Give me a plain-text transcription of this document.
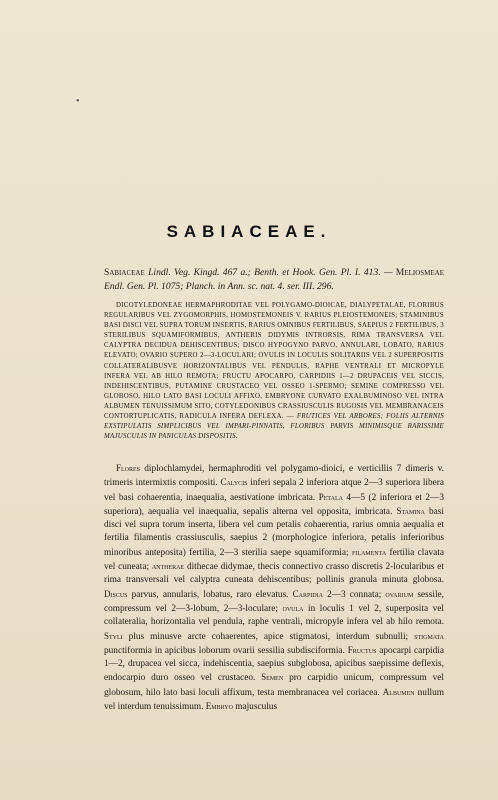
•
SABIACEAE.
Sabiaceae Lindl. Veg. Kingd. 467 a.; Benth. et Hook. Gen. Pl. I. 413. — Meliosmeae Endl. Gen. Pl. 1075; Planch. in Ann. sc. nat. 4. ser. III. 296.
DICOTYLEDONEAE HERMAPHRODITAE VEL POLYGAMO-DIOICAE, DIALYPETALAE, FLORIBUS REGULARIBUS VEL ZYGOMORPHIS, HOMOSTEMONEIS V. RARIUS PLEIOSTEMONEIS; STAMINIBUS BASI DISCI VEL SUPRA TORUM INSERTIS, RARIUS OMNIBUS FERTILIBUS, SAEPIUS 2 FERTILIBUS, 3 STERILIBUS SQUAMIFORMIBUS, ANTHERIS DIDYMIS INTRORSIS, RIMA TRANSVERSA VEL CALYPTRA DECIDUA DEHISCENTIBUS; DISCO HYPOGYNO PARVO, ANNULARI, LOBATO, RARIUS ELEVATO; OVARIO SUPERO 2—3-LOCULARI; OVULIS IN LOCULIS SOLITARIIS VEL 2 SUPERPOSITIS COLLATERALIBUSVE HORIZONTALIBUS VEL PENDULIS, RAPHE VENTRALI ET MICROPYLE INFERA VEL AB HILO REMOTA; FRUCTU APOCARPO, CARPIDIIS 1—2 DRUPACEIS VEL SICCIS, INDEHISCENTIBUS, PUTAMINE CRUSTACEO VEL OSSEO 1-SPERMO; SEMINE COMPRESSO VEL GLOBOSO, HILO LATO BASI LOCULI AFFIXO, EMBRYONE CURVATO EXALBUMINOSO VEL INTRA ALBUMEN TENUISSIMUM SITO, COTYLEDONIBUS CRASSIUSCULIS RUGOSIS VEL MEMBRANACEIS CONTORTUPLICATIS, RADICULA INFERA DEFLEXA. — FRUTICES VEL ARBORES; FOLIIS ALTERNIS EXSTIPULATIS SIMPLICIBUS VEL IMPARI-PINNATIS, FLORIBUS PARVIS MINIMISQUE RARISSIME MAJUSCULIS IN PANICULAS DISPOSITIS.
Flores diplochlamydei, hermaphroditi vel polygamo-dioici, e verticillis 7 dimeris v. trimeris intermixtis compositi. Calycis inferi sepala 2 inferiora atque 2—3 superiora libera vel basi cohaerentia, inaequalia, aestivatione imbricata. Petala 4—5 (2 inferiora et 2—3 superiora), aequalia vel inaequalia, sepalis alterna vel opposita, imbricata. Stamina basi disci vel supra torum inserta, libera vel cum petalis cohaerentia, rarius omnia aequalia et fertilia filamentis crassiusculis, saepius 2 (morphologice inferiora, petalis inferioribus minoribus anteposita) fertilia, 2—3 sterilia saepe squamiformia; filamenta fertilia clavata vel cuneata; antherae dithecae didymae, thecis connectivo crasso discretis 2-locularibus et rima transversali vel calyptra cuneata dehiscentibus; pollinis granula minuta globosa. Discus parvus, annularis, lobatus, raro elevatus. Carpidia 2—3 connata; ovarium sessile, compressum vel 2—3-lobum, 2—3-loculare; ovula in loculis 1 vel 2, superposita vel collateralia, horizontalia vel pendula, raphe ventrali, micropyle infera vel ab hilo remota. Styli plus minusve arcte cohaerentes, apice stigmatosi, interdum subnulli; stigmata punctiformia in apicibus loborum ovarii sessilia subdisciformia. Fructus apocarpi carpidia 1—2, drupacea vel sicca, indehiscentia, saepius subglobosa, apicibus saepissime deflexis, endocarpio duro osseo vel crustaceo. Semen pro carpidio unicum, compressum vel globosum, hilo lato basi loculi affixum, testa membranacea vel coriacea. Albumen nullum vel interdum tenuissimum. Embryo majusculus
